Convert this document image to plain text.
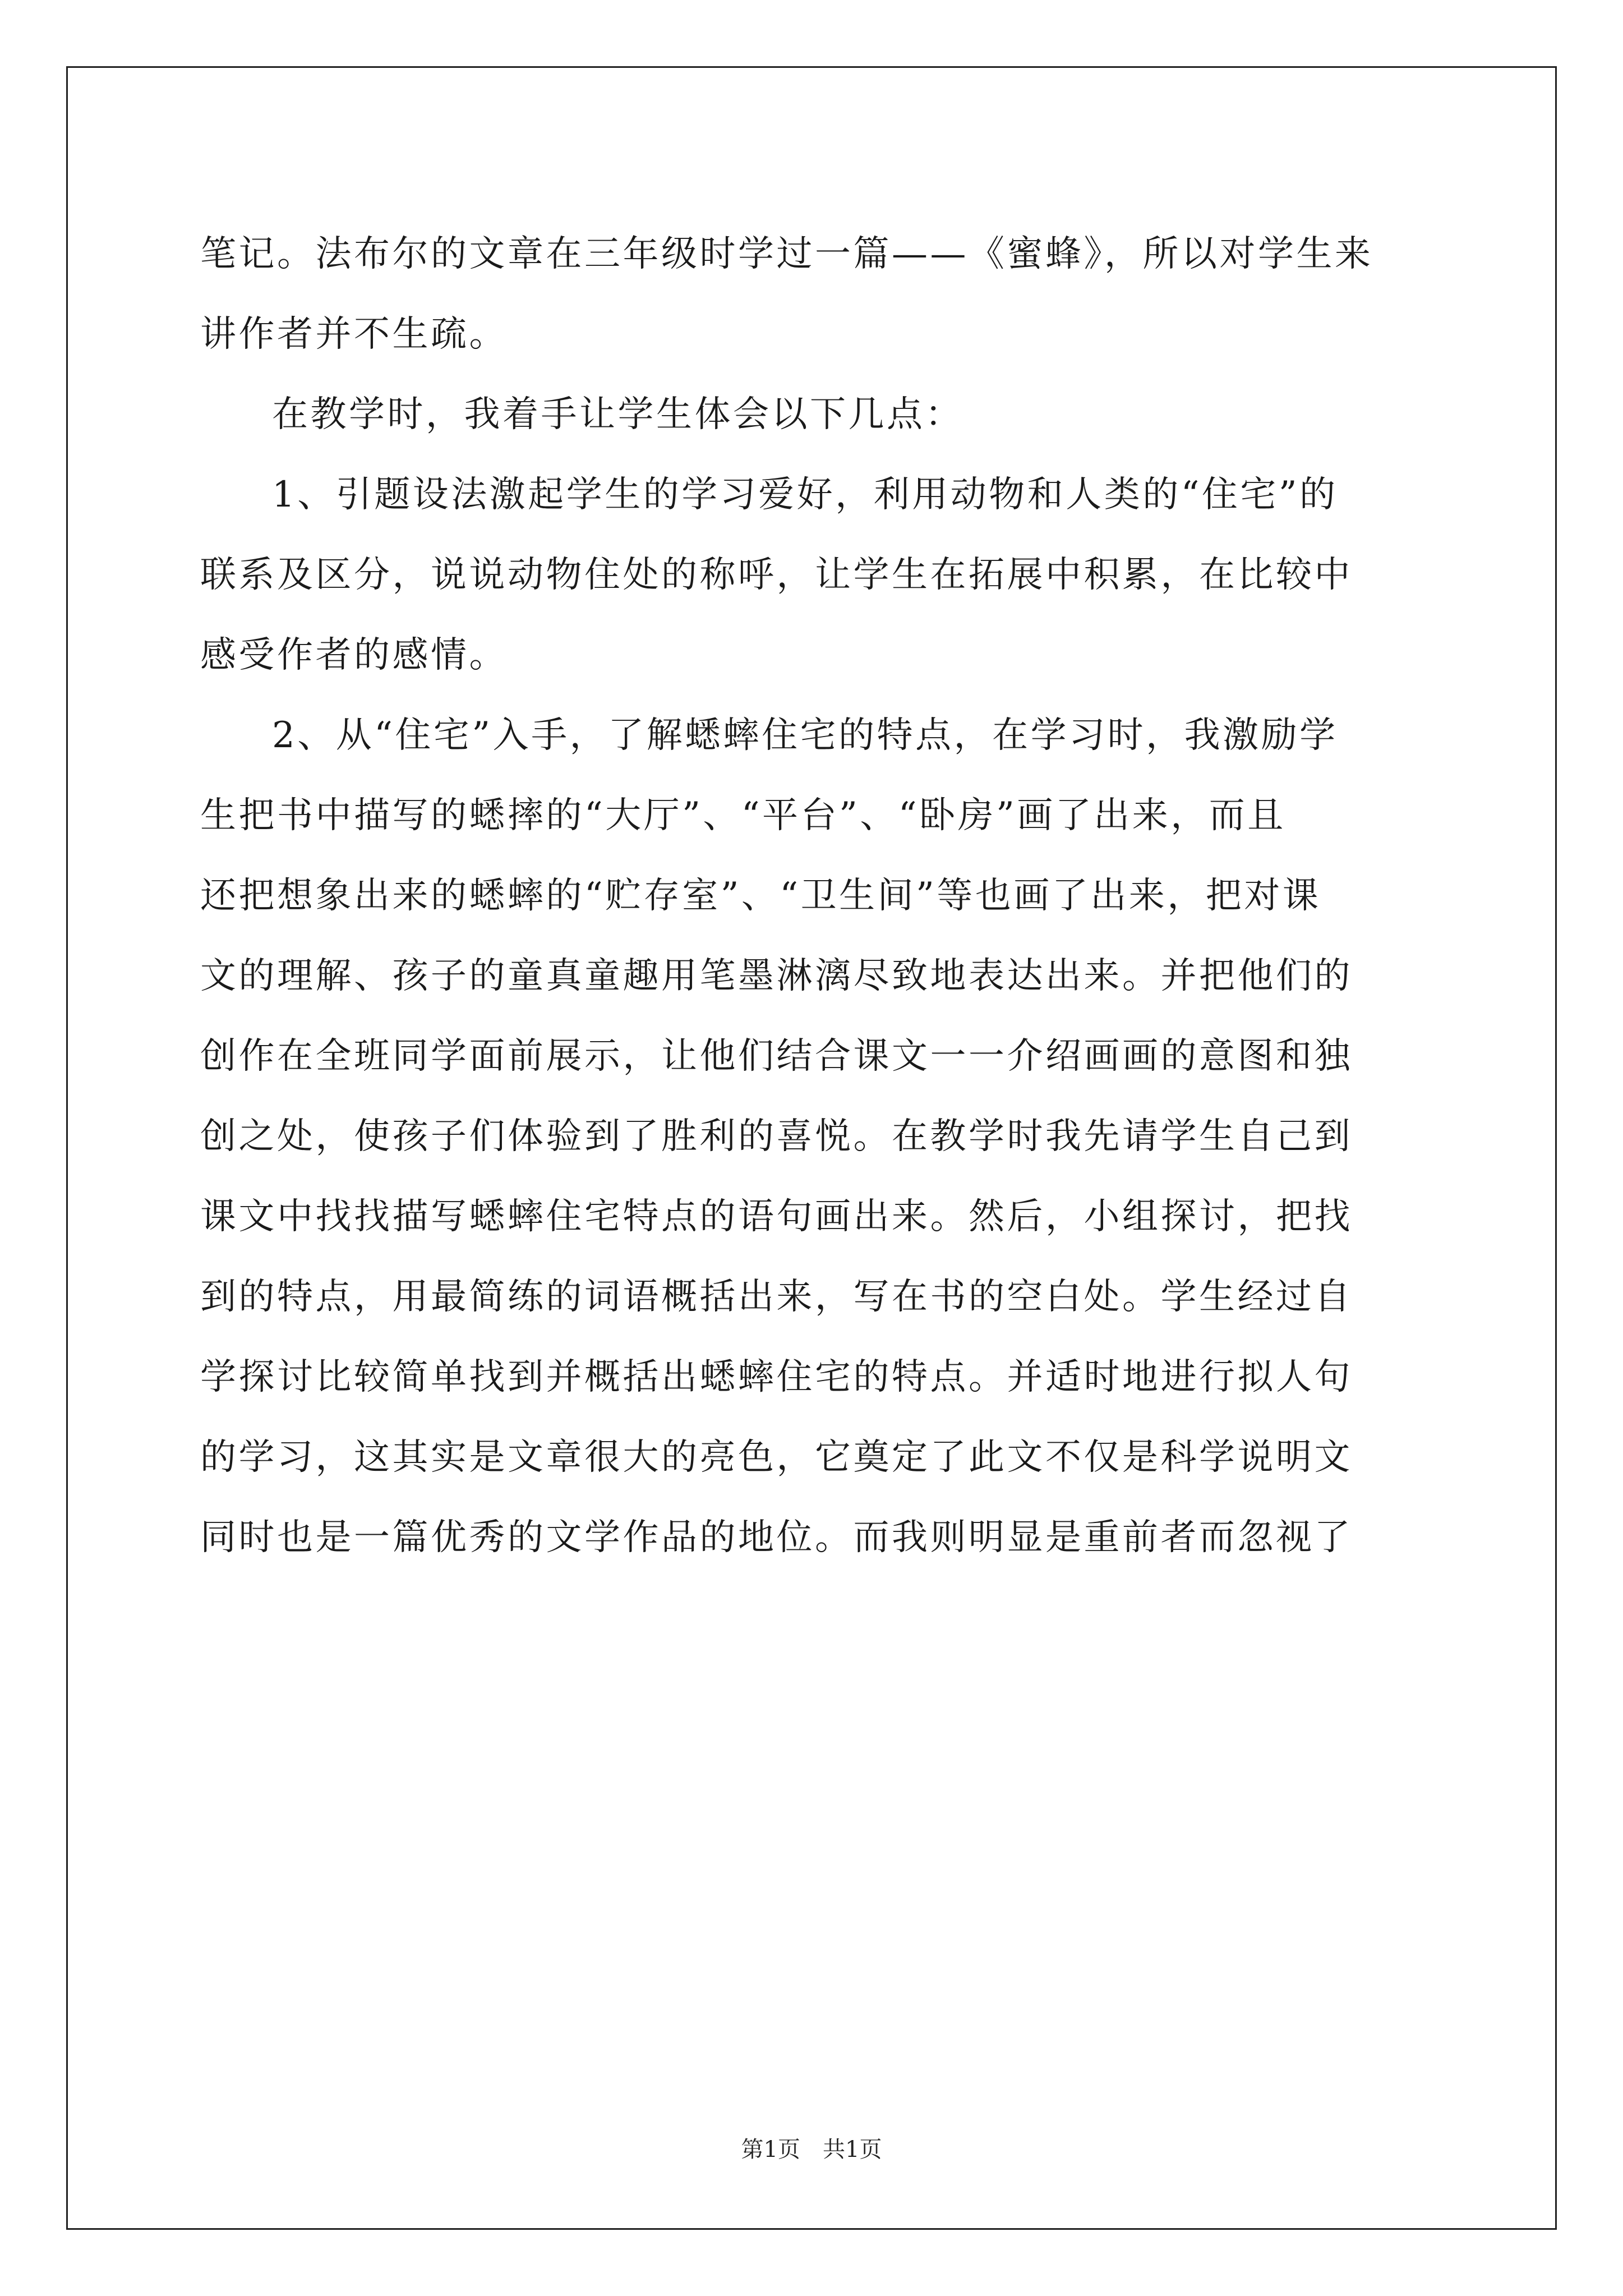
笔记。法布尔的文章在三年级时学过一篇——《蜜蜂》，所以对学生来
讲作者并不生疏。
在教学时，我着手让学生体会以下几点：
1、引题设法激起学生的学习爱好，利用动物和人类的“住宅”的
联系及区分，说说动物住处的称呼，让学生在拓展中积累，在比较中
感受作者的感情。
2、从“住宅”入手，了解蟋蟀住宅的特点，在学习时，我激励学
生把书中描写的蟋摔的“大厅”、“平台”、“卧房”画了出来，而且
还把想象出来的蟋蟀的“贮存室”、“卫生间”等也画了出来，把对课
文的理解、孩子的童真童趣用笔墨淋漓尽致地表达出来。并把他们的
创作在全班同学面前展示，让他们结合课文一一介绍画画的意图和独
创之处，使孩子们体验到了胜利的喜悦。在教学时我先请学生自己到
课文中找找描写蟋蟀住宅特点的语句画出来。然后，小组探讨，把找
到的特点，用最简练的词语概括出来，写在书的空白处。学生经过自
学探讨比较简单找到并概括出蟋蟀住宅的特点。并适时地进行拟人句
的学习，这其实是文章很大的亮色，它奠定了此文不仅是科学说明文
同时也是一篇优秀的文学作品的地位。而我则明显是重前者而忽视了
第1页 共1页
